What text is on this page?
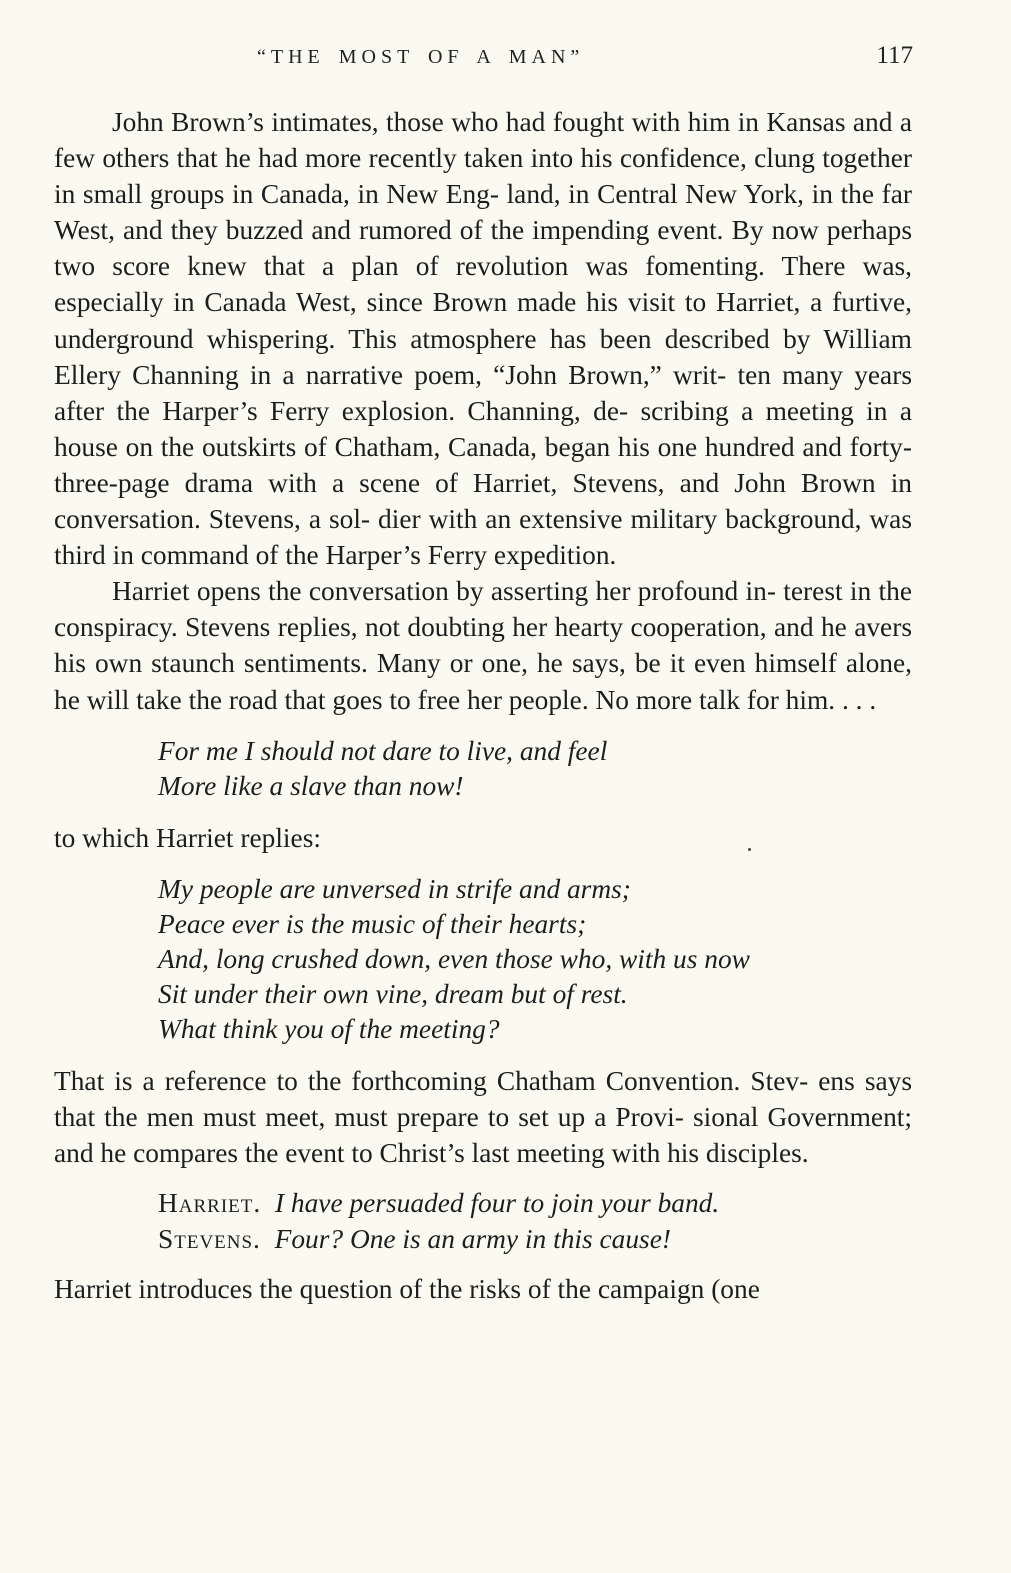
“THE MOST OF A MAN”	117

John Brown’s intimates, those who had fought with him in Kansas and a few others that he had more recently taken into his confidence, clung together in small groups in Canada, in New Eng- land, in Central New York, in the far West, and they buzzed and rumored of the impending event. By now perhaps two score knew that a plan of revolution was fomenting. There was, especially in Canada West, since Brown made his visit to Harriet, a furtive, underground whispering. This atmosphere has been described by William Ellery Channing in a narrative poem, “John Brown,” writ- ten many years after the Harper’s Ferry explosion. Channing, de- scribing a meeting in a house on the outskirts of Chatham, Canada, began his one hundred and forty-three-page drama with a scene of Harriet, Stevens, and John Brown in conversation. Stevens, a sol- dier with an extensive military background, was third in command of the Harper’s Ferry expedition.

Harriet opens the conversation by asserting her profound in- terest in the conspiracy. Stevens replies, not doubting her hearty cooperation, and he avers his own staunch sentiments. Many or one, he says, be it even himself alone, he will take the road that goes to free her people. No more talk for him. . . .

For me I should not dare to live, and feel
More like a slave than now!

to which Harriet replies:

My people are unversed in strife and arms;
Peace ever is the music of their hearts;
And, long crushed down, even those who, with us now
Sit under their own vine, dream but of rest.
What think you of the meeting?

That is a reference to the forthcoming Chatham Convention. Stev- ens says that the men must meet, must prepare to set up a Provi- sional Government; and he compares the event to Christ’s last meeting with his disciples.

Harriet. I have persuaded four to join your band.
Stevens. Four? One is an army in this cause!

Harriet introduces the question of the risks of the campaign (one
